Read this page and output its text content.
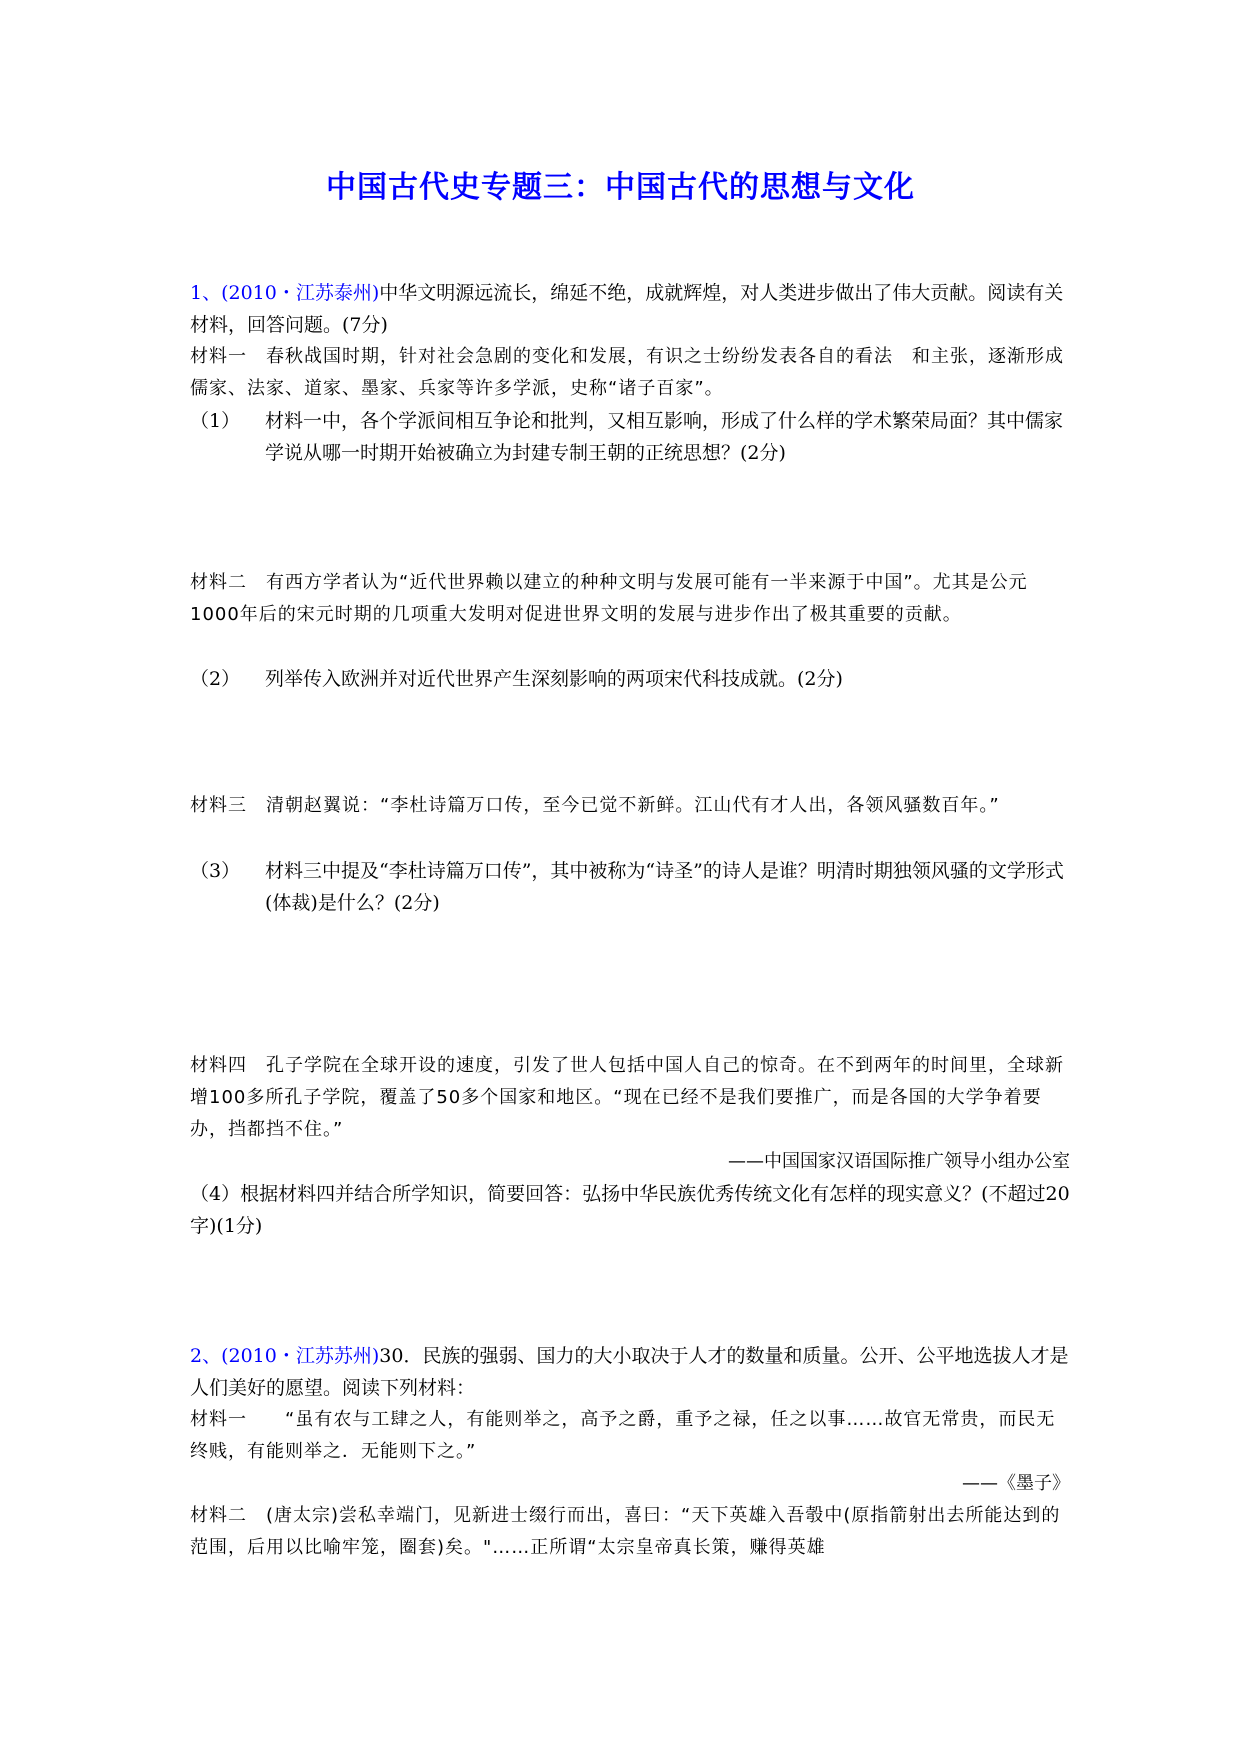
中国古代史专题三：中国古代的思想与文化
1、(2010・江苏泰州)中华文明源远流长，绵延不绝，成就辉煌，对人类进步做出了伟大贡献。阅读有关材料，回答问题。(7分)
材料一　春秋战国时期，针对社会急剧的变化和发展，有识之士纷纷发表各自的看法　和主张，逐渐形成儒家、法家、道家、墨家、兵家等许多学派，史称“诸子百家”。
（1）	材料一中，各个学派间相互争论和批判，又相互影响，形成了什么样的学术繁荣局面？其中儒家学说从哪一时期开始被确立为封建专制王朝的正统思想？(2分)
材料二　有西方学者认为“近代世界赖以建立的种种文明与发展可能有一半来源于中国”。尤其是公元1000年后的宋元时期的几项重大发明对促进世界文明的发展与进步作出了极其重要的贡献。
（2）	列举传入欧洲并对近代世界产生深刻影响的两项宋代科技成就。(2分)
材料三　清朝赵翼说：“李杜诗篇万口传，至今已觉不新鲜。江山代有才人出，各领风骚数百年。”
（3）	材料三中提及“李杜诗篇万口传”，其中被称为“诗圣”的诗人是谁？明清时期独领风骚的文学形式(体裁)是什么？(2分)
材料四　孔子学院在全球开设的速度，引发了世人包括中国人自己的惊奇。在不到两年的时间里，全球新增100多所孔子学院，覆盖了50多个国家和地区。“现在已经不是我们要推广，而是各国的大学争着要办，挡都挡不住。”
——中国国家汉语国际推广领导小组办公室
（4）根据材料四并结合所学知识，简要回答：弘扬中华民族优秀传统文化有怎样的现实意义？(不超过20字)(1分)
2、(2010・江苏苏州)30．民族的强弱、国力的大小取决于人才的数量和质量。公开、公平地选拔人才是人们美好的愿望。阅读下列材料：
材料一　　“虽有农与工肆之人，有能则举之，高予之爵，重予之禄，任之以事……故官无常贵，而民无终贱，有能则举之．无能则下之。”
——《墨子》
材料二　(唐太宗)尝私幸端门，见新进士缀行而出，喜曰：“天下英雄入吾彀中(原指箭射出去所能达到的范围，后用以比喻牢笼，圈套)矣。"……正所谓“太宗皇帝真长策，赚得英雄
